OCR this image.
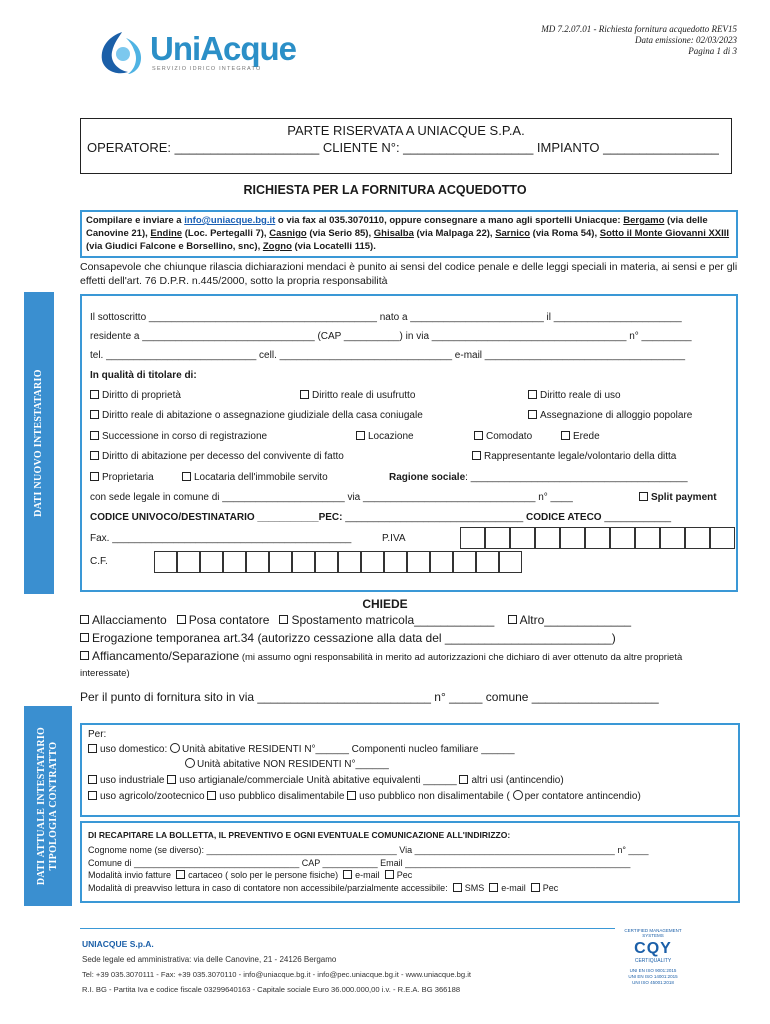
MD 7.2.07.01 - Richiesta fornitura acquedotto REV15
Data emissione: 02/03/2023
Pagina 1 di 3
UniAcque
SERVIZIO IDRICO INTEGRATO
PARTE RISERVATA A UNIACQUE S.P.A.
OPERATORE: ____________________ CLIENTE N°: __________________ IMPIANTO ________________
RICHIESTA PER LA FORNITURA ACQUEDOTTO
Compilare e inviare a info@uniacque.bg.it o via fax al 035.3070110, oppure consegnare a mano agli sportelli Uniacque: Bergamo (via delle Canovine 21), Endine (Loc. Pertegalli 7), Casnigo (via Serio 85), Ghisalba (via Malpaga 22), Sarnico (via Roma 54), Sotto il Monte Giovanni XXIII (via Giudici Falcone e Borsellino, snc), Zogno (via Locatelli 115).
Consapevole che chiunque rilascia dichiarazioni mendaci è punito ai sensi del codice penale e delle leggi speciali in materia, ai sensi e per gli effetti dell'art. 76 D.P.R. n.445/2000, sotto la propria responsabilità
DATI NUOVO INTESTATARIO
Il sottoscritto _________________________________________ nato a ________________________ il _______________________
residente a _______________________________ (CAP __________) in via ___________________________________ n° _________
tel. ___________________________ cell. _______________________________ e-mail ____________________________________
In qualità di titolare di:
Diritto di proprietà	Diritto reale di usufrutto	Diritto reale di uso
Diritto reale di abitazione o assegnazione giudiziale della casa coniugale	Assegnazione di alloggio popolare
Successione in corso di registrazione	Locazione	Comodato	Erede
Diritto di abitazione per decesso del convivente di fatto	Rappresentante legale/volontario della ditta
Proprietaria	Locataria dell'immobile servito	Ragione sociale: _______________________________________
con sede legale in comune di ______________________ via _______________________________ n° ____	Split payment
CODICE UNIVOCO/DESTINATARIO ___________PEC: ________________________________ CODICE ATECO ____________
Fax. ___________________________________________	P.IVA
C.F.
CHIEDE
Allacciamento Posa contatore Spostamento matricola____________ Altro_____________
Erogazione temporanea art.34 (autorizzo cessazione alla data del _________________________)
Affiancamento/Separazione (mi assumo ogni responsabilità in merito ad autorizzazioni che dichiaro di aver ottenuto da altre proprietà interessate)
Per il punto di fornitura sito in via __________________________ n° _____ comune ___________________
DATI ATTUALE INTESTATARIO TIPOLOGIA CONTRATTO
Per:
uso domestico: Unità abitative RESIDENTI N°______ Componenti nucleo familiare ______
Unità abitative NON RESIDENTI N°______
uso industriale uso artigianale/commerciale Unità abitative equivalenti ______ altri usi (antincendio)
uso agricolo/zootecnico uso pubblico disalimentabile uso pubblico non disalimentabile ( per contatore antincendio)
DI RECAPITARE LA BOLLETTA, IL PREVENTIVO E OGNI EVENTUALE COMUNICAZIONE ALL'INDIRIZZO:
Cognome nome (se diverso): ______________________________________ Via ________________________________________ n° ____
Comune di _________________________________ CAP ___________ Email _____________________________________________
Modalità invio fatture cartaceo ( solo per le persone fisiche) e-mail Pec
Modalità di preavviso lettura in caso di contatore non accessibile/parzialmente accessibile: SMS e-mail Pec
UNIACQUE S.p.A.
Sede legale ed amministrativa: via delle Canovine, 21 - 24126 Bergamo
Tel: +39 035.3070111 - Fax: +39 035.3070110 - info@uniacque.bg.it - info@pec.uniacque.bg.it - www.uniacque.bg.it
R.I. BG - Partita Iva e codice fiscale 03299640163 - Capitale sociale Euro 36.000.000,00 i.v. - R.E.A. BG 366188
CERTIFIED MANAGEMENT SYSTEMS
CQY
CERTIQUALITY
UNI EN ISO 9001:2015
UNI EN ISO 14001:2015
UNI ISO 45001:2018
